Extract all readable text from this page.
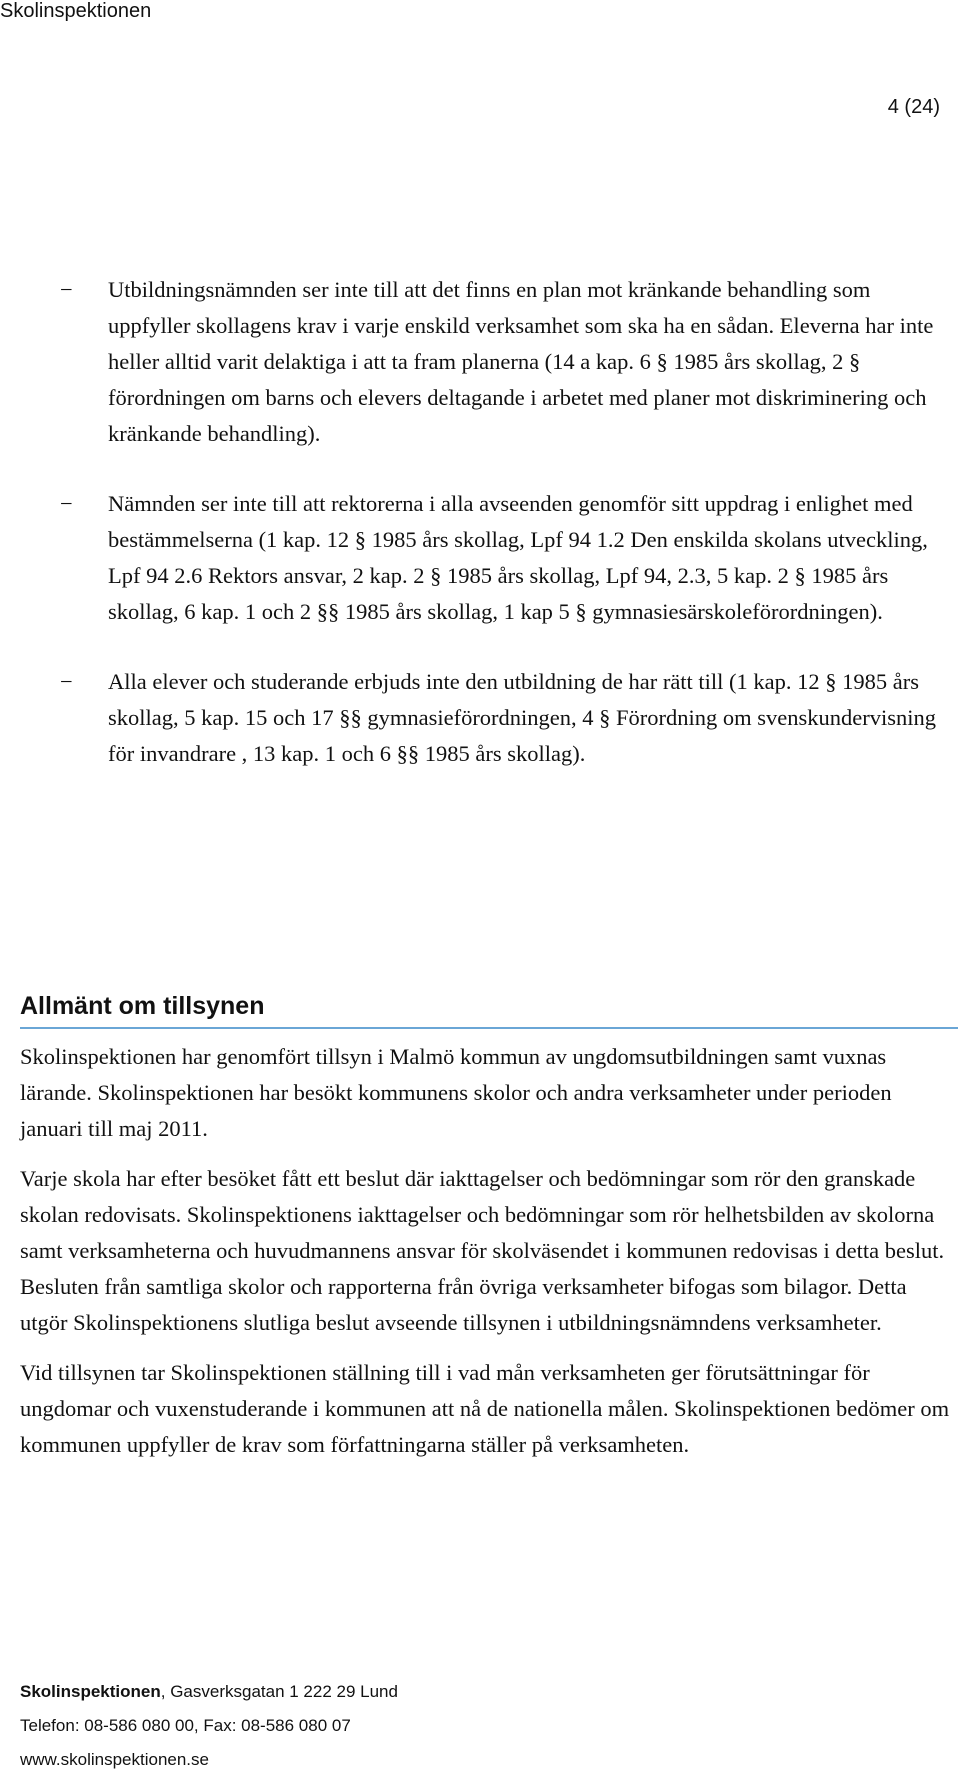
Skolinspektionen
4 (24)
− Utbildningsnämnden ser inte till att det finns en plan mot kränkande behandling som uppfyller skollagens krav i varje enskild verksamhet som ska ha en sådan. Eleverna har inte heller alltid varit delaktiga i att ta fram planerna (14 a kap. 6 § 1985 års skollag, 2 § förordningen om barns och elevers deltagande i arbetet med planer mot diskriminering och kränkande behandling).
− Nämnden ser inte till att rektorerna i alla avseenden genomför sitt uppdrag i enlighet med bestämmelserna (1 kap. 12 § 1985 års skollag, Lpf 94 1.2 Den enskilda skolans utveckling, Lpf 94 2.6 Rektors ansvar, 2 kap. 2 § 1985 års skollag, Lpf 94, 2.3, 5 kap. 2 § 1985 års skollag, 6 kap. 1 och 2 §§ 1985 års skollag, 1 kap 5 § gymnasiesärskoleförordningen).
− Alla elever och studerande erbjuds inte den utbildning de har rätt till (1 kap. 12 § 1985 års skollag, 5 kap. 15 och 17 §§ gymnasieförordningen, 4 § Förordning om svenskundervisning för invandrare , 13 kap. 1 och 6 §§ 1985 års skollag).
Allmänt om tillsynen

Skolinspektionen har genomfört tillsyn i Malmö kommun av ungdomsutbildningen samt vuxnas lärande. Skolinspektionen har besökt kommunens skolor och andra verksamheter under perioden januari till maj 2011.

Varje skola har efter besöket fått ett beslut där iakttagelser och bedömningar som rör den granskade skolan redovisats. Skolinspektionens iakttagelser och bedömningar som rör helhetsbilden av skolorna samt verksamheterna och huvudmannens ansvar för skolväsendet i kommunen redovisas i detta beslut. Besluten från samtliga skolor och rapporterna från övriga verksamheter bifogas som bilagor. Detta utgör Skolinspektionens slutliga beslut avseende tillsynen i utbildningsnämndens verksamheter.

Vid tillsynen tar Skolinspektionen ställning till i vad mån verksamheten ger förutsättningar för ungdomar och vuxenstuderande i kommunen att nå de nationella målen. Skolinspektionen bedömer om kommunen uppfyller de krav som författningarna ställer på verksamheten.

Skolinspektionen, Gasverksgatan 1 222 29 Lund
Telefon: 08-586 080 00, Fax: 08-586 080 07
www.skolinspektionen.se
